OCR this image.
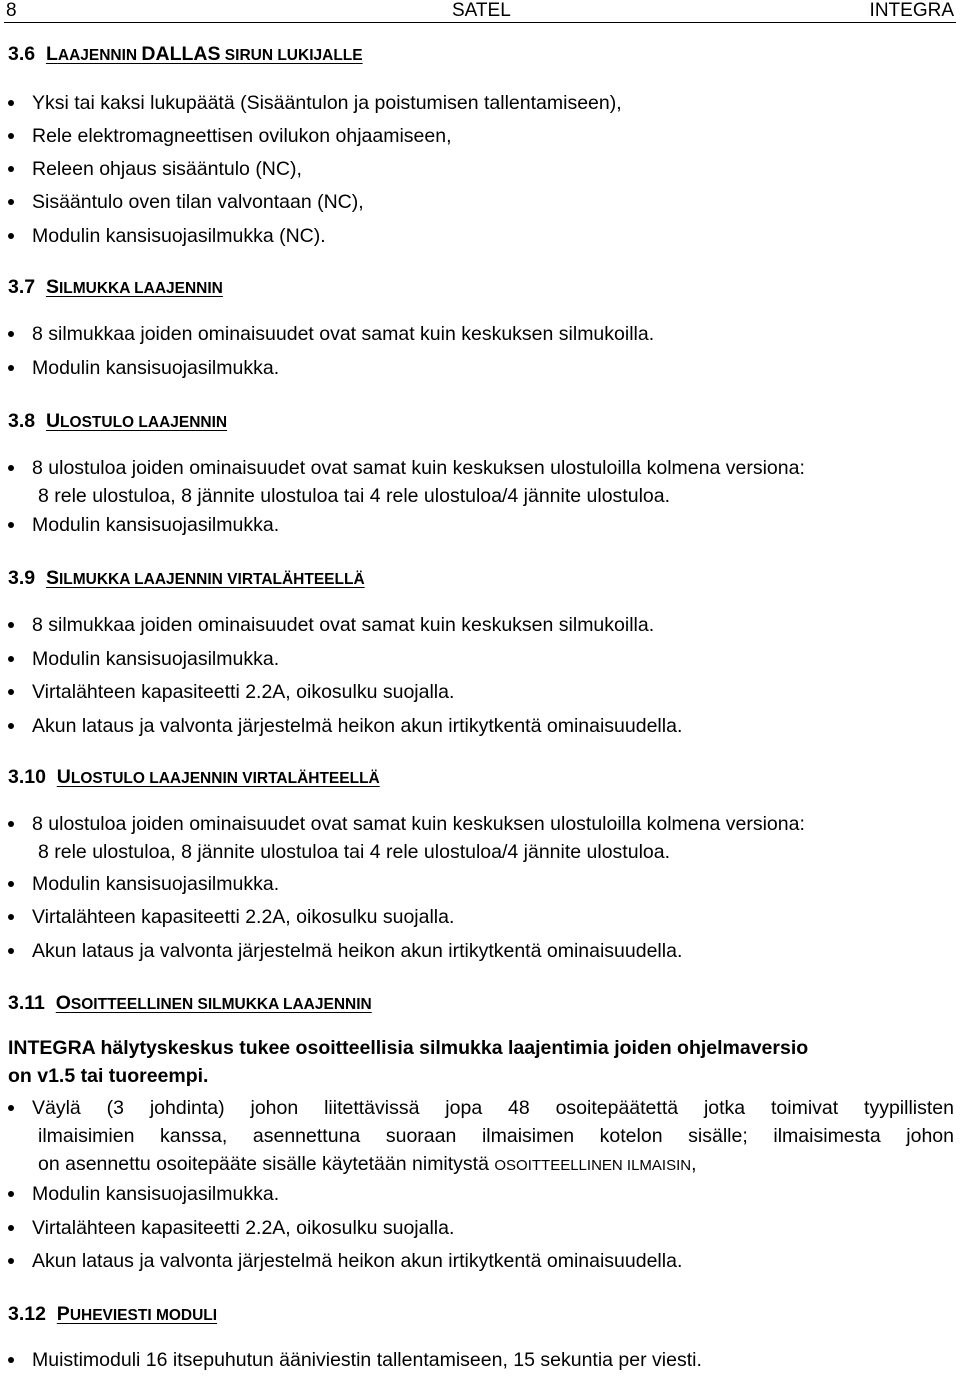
8	SATEL	INTEGRA
3.6 LAAJENNIN DALLAS SIRUN LUKIJALLE
Yksi tai kaksi lukupäätä (Sisääntulon ja poistumisen tallentamiseen),
Rele elektromagneettisen ovilukon ohjaamiseen,
Releen ohjaus sisääntulo (NC),
Sisääntulo oven tilan valvontaan (NC),
Modulin kansisuojasilmukka (NC).
3.7 SILMUKKA LAAJENNIN
8 silmukkaa joiden ominaisuudet ovat samat kuin keskuksen silmukoilla.
Modulin kansisuojasilmukka.
3.8 ULOSTULO LAAJENNIN
8 ulostuloa joiden ominaisuudet ovat samat kuin keskuksen ulostuloilla kolmena versiona:
8 rele ulostuloa, 8 jännite ulostuloa tai 4 rele ulostuloa/4 jännite ulostuloa.
Modulin kansisuojasilmukka.
3.9 SILMUKKA LAAJENNIN VIRTALÄHTEELLÄ
8 silmukkaa joiden ominaisuudet ovat samat kuin keskuksen silmukoilla.
Modulin kansisuojasilmukka.
Virtalähteen kapasiteetti 2.2A, oikosulku suojalla.
Akun lataus ja valvonta järjestelmä heikon akun irtikytkentä ominaisuudella.
3.10 ULOSTULO LAAJENNIN VIRTALÄHTEELLÄ
8 ulostuloa joiden ominaisuudet ovat samat kuin keskuksen ulostuloilla kolmena versiona:
8 rele ulostuloa, 8 jännite ulostuloa tai 4 rele ulostuloa/4 jännite ulostuloa.
Modulin kansisuojasilmukka.
Virtalähteen kapasiteetti 2.2A, oikosulku suojalla.
Akun lataus ja valvonta järjestelmä heikon akun irtikytkentä ominaisuudella.
3.11 OSOITTEELLINEN SILMUKKA LAAJENNIN
INTEGRA hälytyskeskus tukee osoitteellisia silmukka laajentimia joiden ohjelmaversio
on v1.5 tai tuoreempi.
Väylä (3 johdinta) johon liitettävissä jopa 48 osoitepäätettä jotka toimivat tyypillisten
ilmaisimien kanssa, asennettuna suoraan ilmaisimen kotelon sisälle; ilmaisimesta johon
on asennettu osoitepääte sisälle käytetään nimitystä OSOITTEELLINEN ILMAISIN,
Modulin kansisuojasilmukka.
Virtalähteen kapasiteetti 2.2A, oikosulku suojalla.
Akun lataus ja valvonta järjestelmä heikon akun irtikytkentä ominaisuudella.
3.12 PUHEVIESTI MODULI
Muistimoduli 16 itsepuhutun ääniviestin tallentamiseen, 15 sekuntia per viesti.
